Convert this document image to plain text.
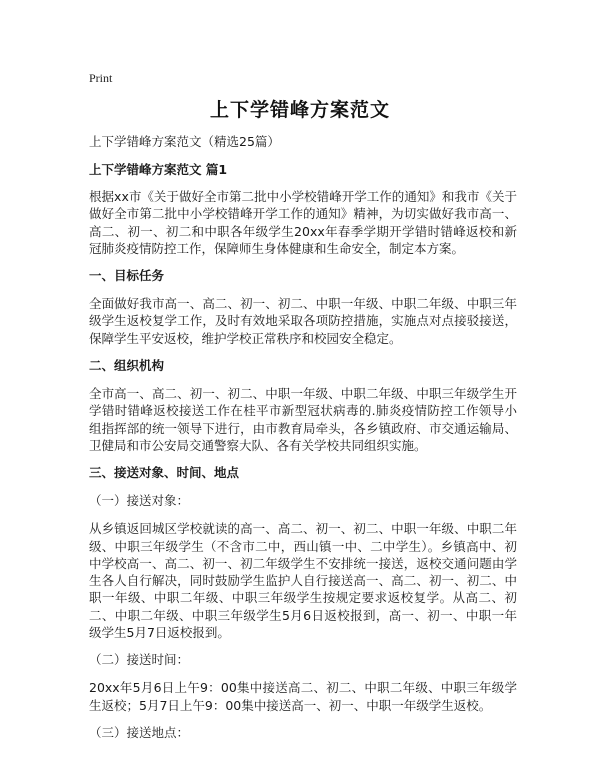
Print
上下学错峰方案范文

上下学错峰方案范文（精选25篇）

上下学错峰方案范文 篇1

根据xx市《关于做好全市第二批中小学校错峰开学工作的通知》和我市《关于做好全市第二批中小学校错峰开学工作的通知》精神，为切实做好我市高一、高二、初一、初二和中职各年级学生20xx年春季学期开学错时错峰返校和新冠肺炎疫情防控工作，保障师生身体健康和生命安全，制定本方案。

一、目标任务

全面做好我市高一、高二、初一、初二、中职一年级、中职二年级、中职三年级学生返校复学工作，及时有效地采取各项防控措施，实施点对点接驳接送，保障学生平安返校，维护学校正常秩序和校园安全稳定。

二、组织机构

全市高一、高二、初一、初二、中职一年级、中职二年级、中职三年级学生开学错时错峰返校接送工作在桂平市新型冠状病毒的.肺炎疫情防控工作领导小组指挥部的统一领导下进行，由市教育局牵头，各乡镇政府、市交通运输局、卫健局和市公安局交通警察大队、各有关学校共同组织实施。

三、接送对象、时间、地点

（一）接送对象：

从乡镇返回城区学校就读的高一、高二、初一、初二、中职一年级、中职二年级、中职三年级学生（不含市二中，西山镇一中、二中学生）。乡镇高中、初中学校高一、高二、初一、初二年级学生不安排统一接送，返校交通问题由学生各人自行解决，同时鼓励学生监护人自行接送高一、高二、初一、初二、中职一年级、中职二年级、中职三年级学生按规定要求返校复学。从高二、初二、中职二年级、中职三年级学生5月6日返校报到，高一、初一、中职一年级学生5月7日返校报到。

（二）接送时间：

20xx年5月6日上午9：00集中接送高二、初二、中职二年级、中职三年级学生返校；5月7日上午9：00集中接送高一、初一、中职一年级学生返校。

（三）接送地点：
